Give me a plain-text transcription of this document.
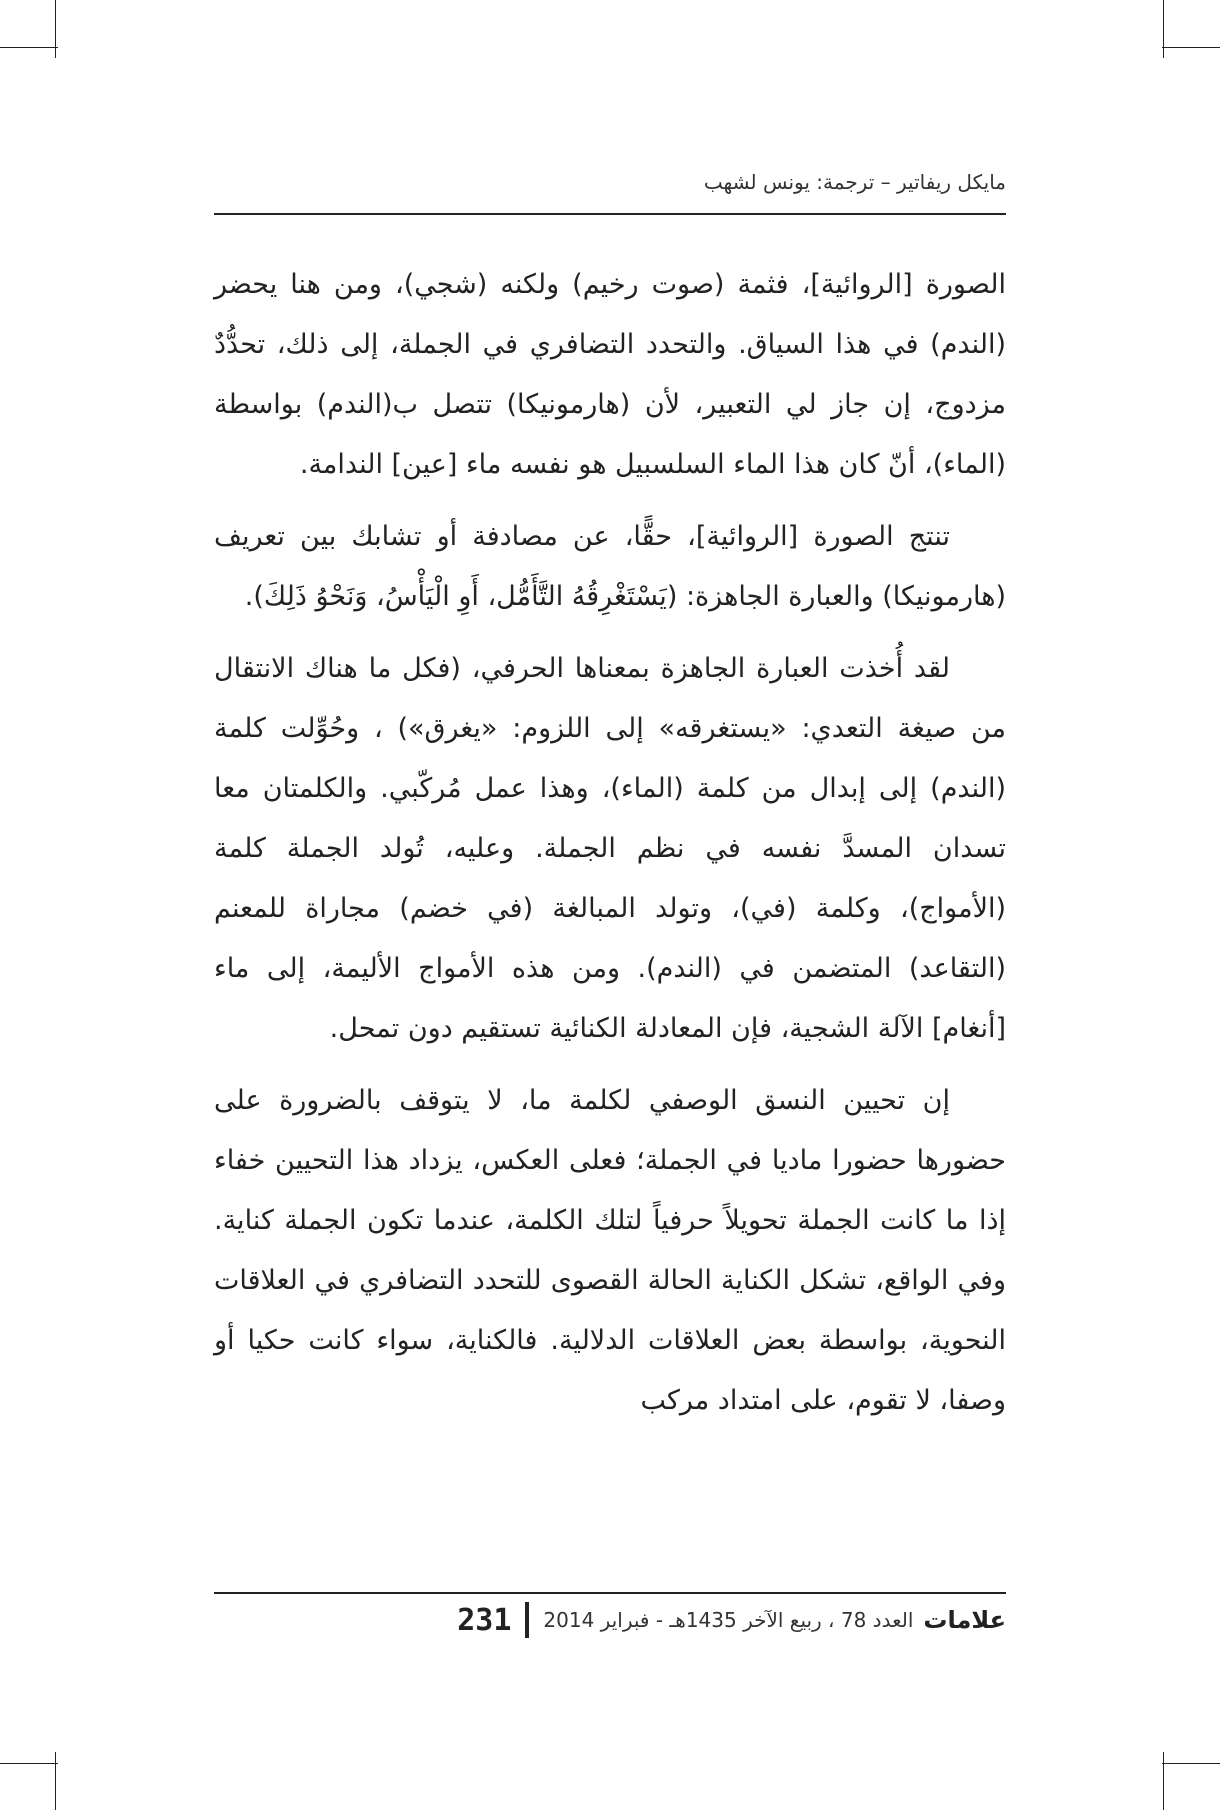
مايكل ريفاتير – ترجمة: يونس لشهب

الصورة [الروائية]، فثمة (صوت رخيم) ولكنه (شجي)، ومن هنا يحضر (الندم) في هذا السياق. والتحدد التضافري في الجملة، إلى ذلك، تحدُّدٌ مزدوج، إن جاز لي التعبير، لأن (هارمونيكا) تتصل ب(الندم) بواسطة (الماء)، أنّ كان هذا الماء السلسبيل هو نفسه ماء [عين] الندامة.

تنتج الصورة [الروائية]، حقًّا، عن مصادفة أو تشابك بين تعريف (هارمونيكا) والعبارة الجاهزة: (يَسْتَغْرِقُهُ التَّأَمُّل، أَوِ الْيَأْسُ، وَنَحْوُ ذَلِكَ).

لقد أُخذت العبارة الجاهزة بمعناها الحرفي، (فكل ما هناك الانتقال من صيغة التعدي: «يستغرقه» إلى اللزوم: «يغرق») ، وحُوِّلت كلمة (الندم) إلى إبدال من كلمة (الماء)، وهذا عمل مُركّبي. والكلمتان معا تسدان المسدَّ نفسه في نظم الجملة. وعليه، تُولد الجملة كلمة (الأمواج)، وكلمة (في)، وتولد المبالغة (في خضم) مجاراة للمعنم (التقاعد) المتضمن في (الندم). ومن هذه الأمواج الأليمة، إلى ماء [أنغام] الآلة الشجية، فإن المعادلة الكنائية تستقيم دون تمحل.

إن تحيين النسق الوصفي لكلمة ما، لا يتوقف بالضرورة على حضورها حضورا ماديا في الجملة؛ فعلى العكس، يزداد هذا التحيين خفاء إذا ما كانت الجملة تحويلاً حرفياً لتلك الكلمة، عندما تكون الجملة كناية. وفي الواقع، تشكل الكناية الحالة القصوى للتحدد التضافري في العلاقات النحوية، بواسطة بعض العلاقات الدلالية. فالكناية، سواء كانت حكيا أو وصفا، لا تقوم، على امتداد مركب

علامات
العدد 78 ، ربيع الآخر 1435هـ - فبراير 2014
231
